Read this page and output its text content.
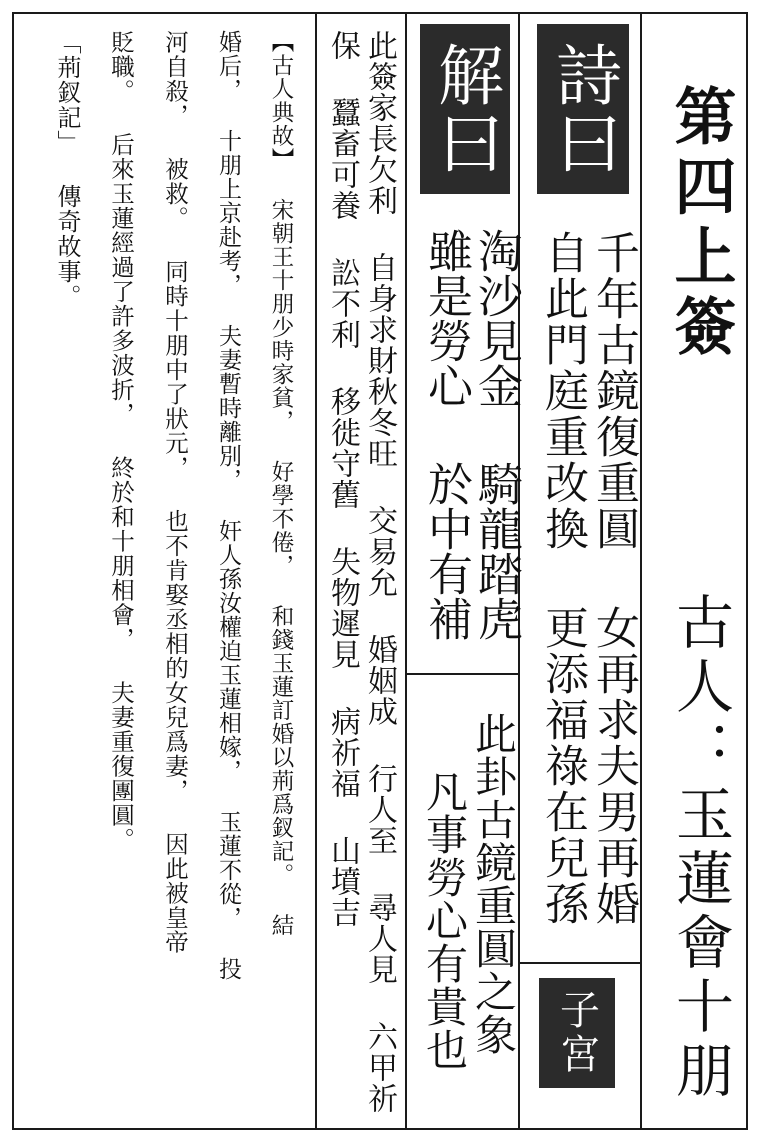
第四上簽
古人：玉蓮會十朋
詩曰
千年古鏡復重圓 女再求夫男再婚
自此門庭重改換 更添福祿在兒孫
子宮
解曰
淘沙見金 騎龍踏虎
雖是勞心 於中有補
此卦古鏡重圓之象
凡事勞心有貴也
此簽家長欠利 自身求財秋冬旺 交易允 婚姻成 行人至 尋人見 六甲祈
保 蠶畜可養 訟不利 移徙守舊 失物遲見 病祈福 山墳吉
【古人典故】 宋朝王十朋少時家貧， 好學不倦， 和錢玉蓮訂婚以荊爲釵記。 結
婚后， 十朋上京赴考， 夫妻暫時離別， 奸人孫汝權迫玉蓮相嫁， 玉蓮不從， 投
河自殺， 被救。 同時十朋中了狀元， 也不肯娶丞相的女兒爲妻， 因此被皇帝
貶職。 后來玉蓮經過了許多波折， 終於和十朋相會， 夫妻重復團圓。
「荊釵記」 傳奇故事。
